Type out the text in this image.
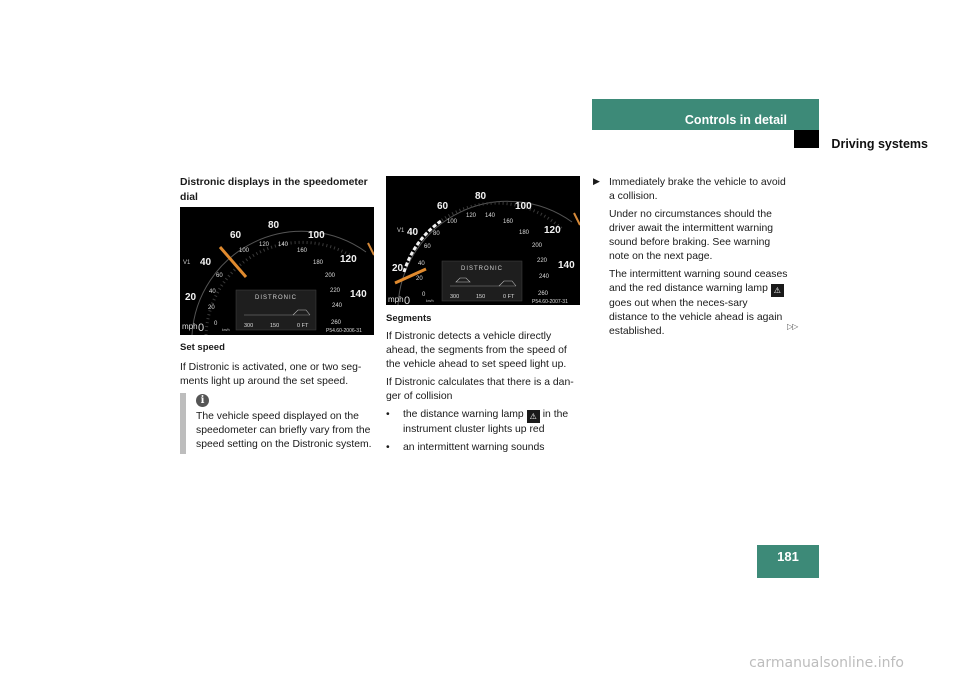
Controls in detail
Driving systems

Distronic displays in the speedometer dial

mph 0
V1
km/h
20
40
60
80
100
120
140
0
20
40
60
100
120 140
160
180
200
220
240
260
DISTRONIC
300	150	0 FT
P54.60-2006-31

Set speed

If Distronic is activated, one or two seg-ments light up around the set speed.

i

The vehicle speed displayed on the speedometer can briefly vary from the speed setting on the Distronic system.

mph 0
V1
km/h
20
40
60
80
100
120
140
0
20
40
60
80
100
120 140
160
180
200
220
240
260
DISTRONIC
300	150	0 FT
P54.60-2007-31

Segments

If Distronic detects a vehicle directly ahead, the segments from the speed of the vehicle ahead to set speed light up.

If Distronic calculates that there is a dan-ger of collision

• the distance warning lamp ⚠ in the instrument cluster lights up red

• an intermittent warning sounds

▶ Immediately brake the vehicle to avoid a collision.

Under no circumstances should the driver await the intermittent warning sound before braking. See warning note on the next page.

The intermittent warning sound ceases and the red distance warning lamp ⚠goes out when the neces-sary distance to the vehicle ahead is again established.	▷▷
181
carmanualsonline.info
